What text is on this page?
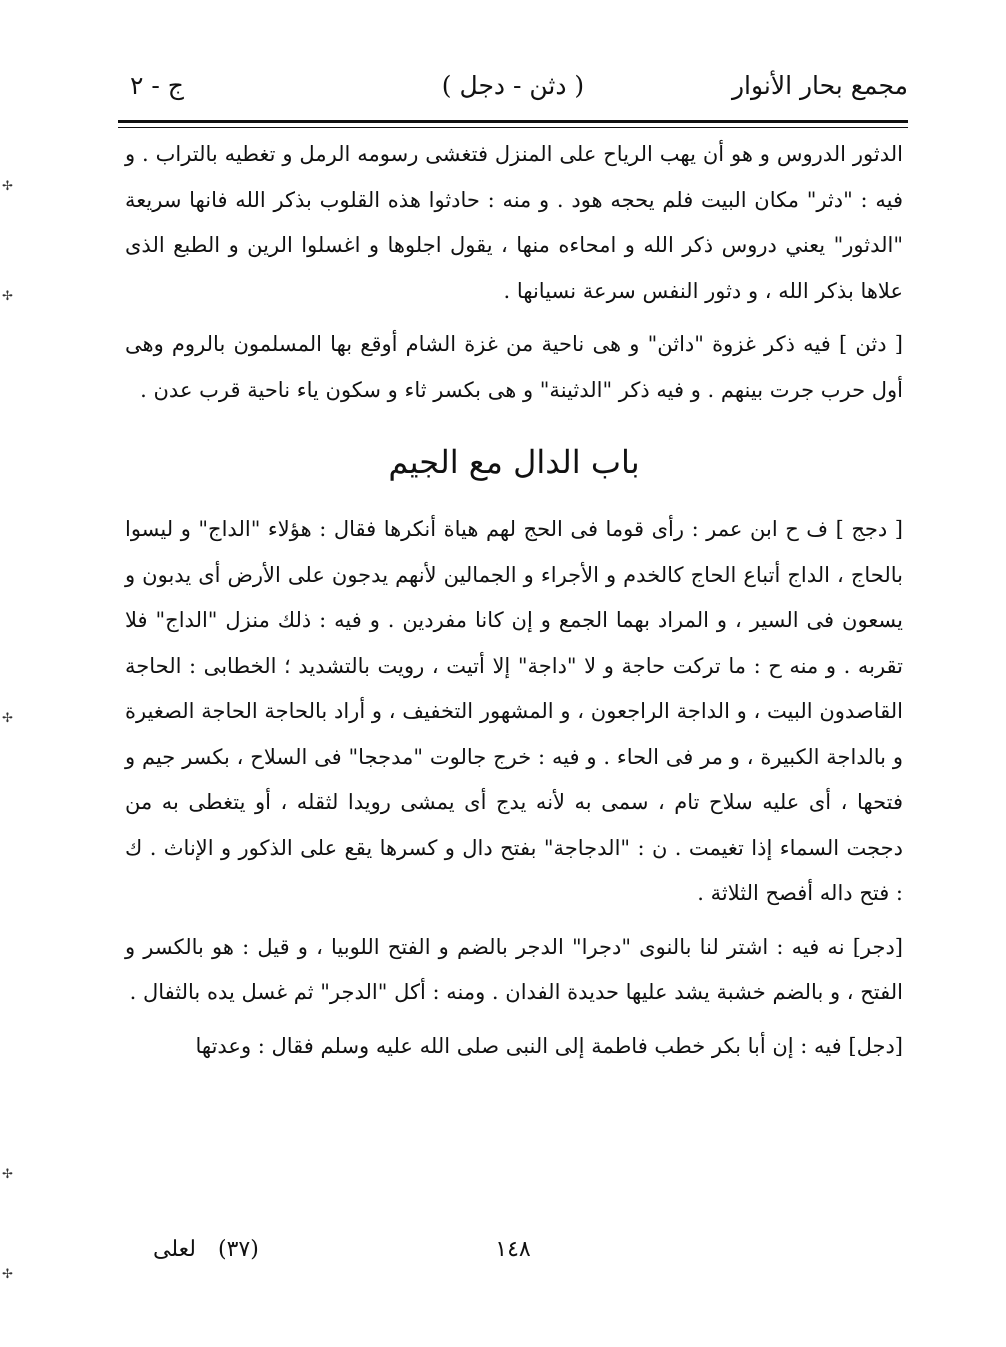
مجمع بحار الأنوار
( دثن - دجل )
ج - ٢

الدثور الدروس و هو أن يهب الرياح على المنزل فتغشى رسومه الرمل و تغطيه بالتراب . و فيه : "دثر" مكان البيت فلم يحجه هود . و منه : حادثوا هذه القلوب بذكر الله فانها سريعة "الدثور" يعني دروس ذكر الله و امحاءه منها ، يقول اجلوها و اغسلوا الرين و الطبع الذى علاها بذكر الله ، و دثور النفس سرعة نسيانها .

[ دثن ] فيه ذكر غزوة "داثن" و هى ناحية من غزة الشام أوقع بها المسلمون بالروم وهى أول حرب جرت بينهم . و فيه ذكر "الدثينة" و هى بكسر ثاء و سكون ياء ناحية قرب عدن .

باب الدال مع الجيم

[ دجج ] ف ح ابن عمر : رأى قوما فى الحج لهم هياة أنكرها فقال : هؤلاء "الداج" و ليسوا بالحاج ، الداج أتباع الحاج كالخدم و الأجراء و الجمالين لأنهم يدجون على الأرض أى يدبون و يسعون فى السير ، و المراد بهما الجمع و إن كانا مفردين . و فيه : ذلك منزل "الداج" فلا تقربه . و منه ح : ما تركت حاجة و لا "داجة" إلا أتيت ، رويت بالتشديد ؛ الخطابى : الحاجة القاصدون البيت ، و الداجة الراجعون ، و المشهور التخفيف ، و أراد بالحاجة الحاجة الصغيرة و بالداجة الكبيرة ، و مر فى الحاء . و فيه : خرج جالوت "مدججا" فى السلاح ، بكسر جيم و فتحها ، أى عليه سلاح تام ، سمى به لأنه يدج أى يمشى رويدا لثقله ، أو يتغطى به من دججت السماء إذا تغيمت . ن : "الدجاجة" بفتح دال و كسرها يقع على الذكور و الإناث . ك : فتح داله أفصح الثلاثة .

[دجر] نه فيه : اشتر لنا بالنوى "دجرا" الدجر بالضم و الفتح اللوبيا ، و قيل : هو بالكسر و الفتح ، و بالضم خشبة يشد عليها حديدة الفدان . ومنه : أكل "الدجر" ثم غسل يده بالثفال .

[دجل] فيه : إن أبا بكر خطب فاطمة إلى النبى صلى الله عليه وسلم فقال : وعدتها

لعلى (٣٧)	١٤٨
✢
✢
✢
✢
✢
